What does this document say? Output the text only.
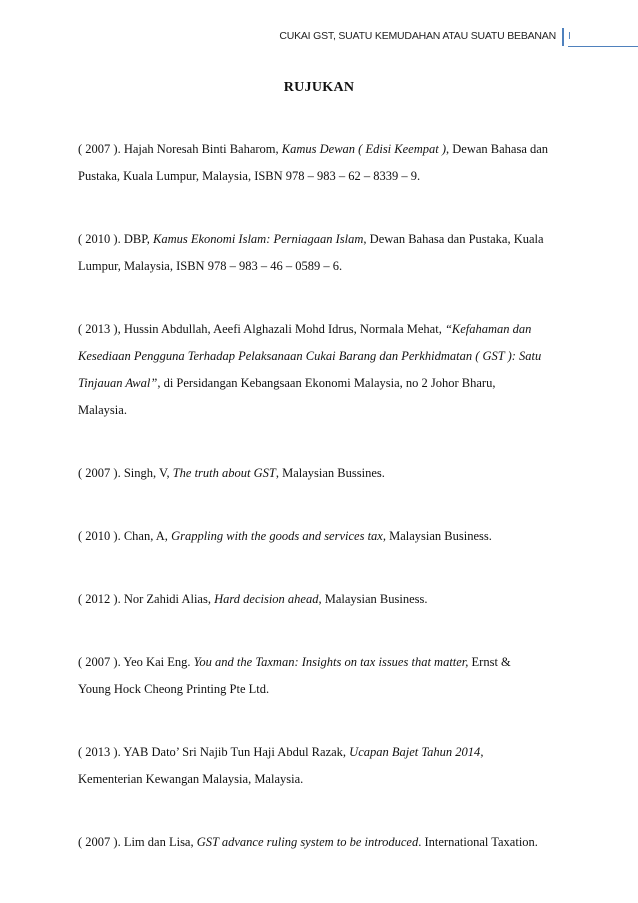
CUKAI GST, SUATU KEMUDAHAN ATAU SUATU BEBANAN I
RUJUKAN

( 2007 ). Hajah Noresah Binti Baharom, Kamus Dewan ( Edisi Keempat ), Dewan Bahasa dan
Pustaka, Kuala Lumpur, Malaysia, ISBN 978 – 983 – 62 – 8339 – 9.

( 2010 ). DBP, Kamus Ekonomi Islam: Perniagaan Islam, Dewan Bahasa dan Pustaka, Kuala
Lumpur, Malaysia, ISBN 978 – 983 – 46 – 0589 – 6.

( 2013 ), Hussin Abdullah, Aeefi Alghazali Mohd Idrus, Normala Mehat, “Kefahaman dan
Kesediaan Pengguna Terhadap Pelaksanaan Cukai Barang dan Perkhidmatan ( GST ): Satu
Tinjauan Awal”, di Persidangan Kebangsaan Ekonomi Malaysia, no 2 Johor Bharu,
Malaysia.

( 2007 ). Singh, V, The truth about GST, Malaysian Bussines.

( 2010 ). Chan, A, Grappling with the goods and services tax, Malaysian Business.

( 2012 ). Nor Zahidi Alias, Hard decision ahead, Malaysian Business.

( 2007 ). Yeo Kai Eng. You and the Taxman: Insights on tax issues that matter, Ernst &
Young Hock Cheong Printing Pte Ltd.

( 2013 ). YAB Dato’ Sri Najib Tun Haji Abdul Razak, Ucapan Bajet Tahun 2014,
Kementerian Kewangan Malaysia, Malaysia.

( 2007 ). Lim dan Lisa, GST advance ruling system to be introduced. International Taxation.
